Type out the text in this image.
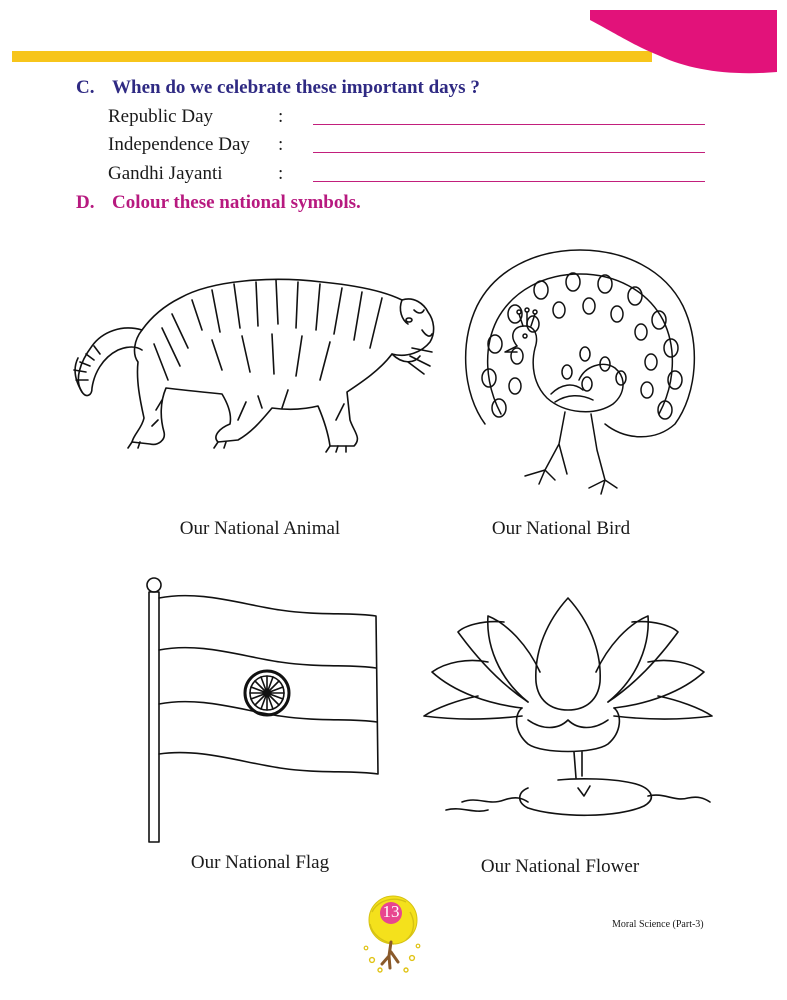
C. When do we celebrate these important days ?
Republic Day	:
Independence Day :
Gandhi Jayanti	:
D. Colour these national symbols.
Our National Animal	Our National Bird
Our National Flag	Our National Flower
13
Moral Science (Part-3)
